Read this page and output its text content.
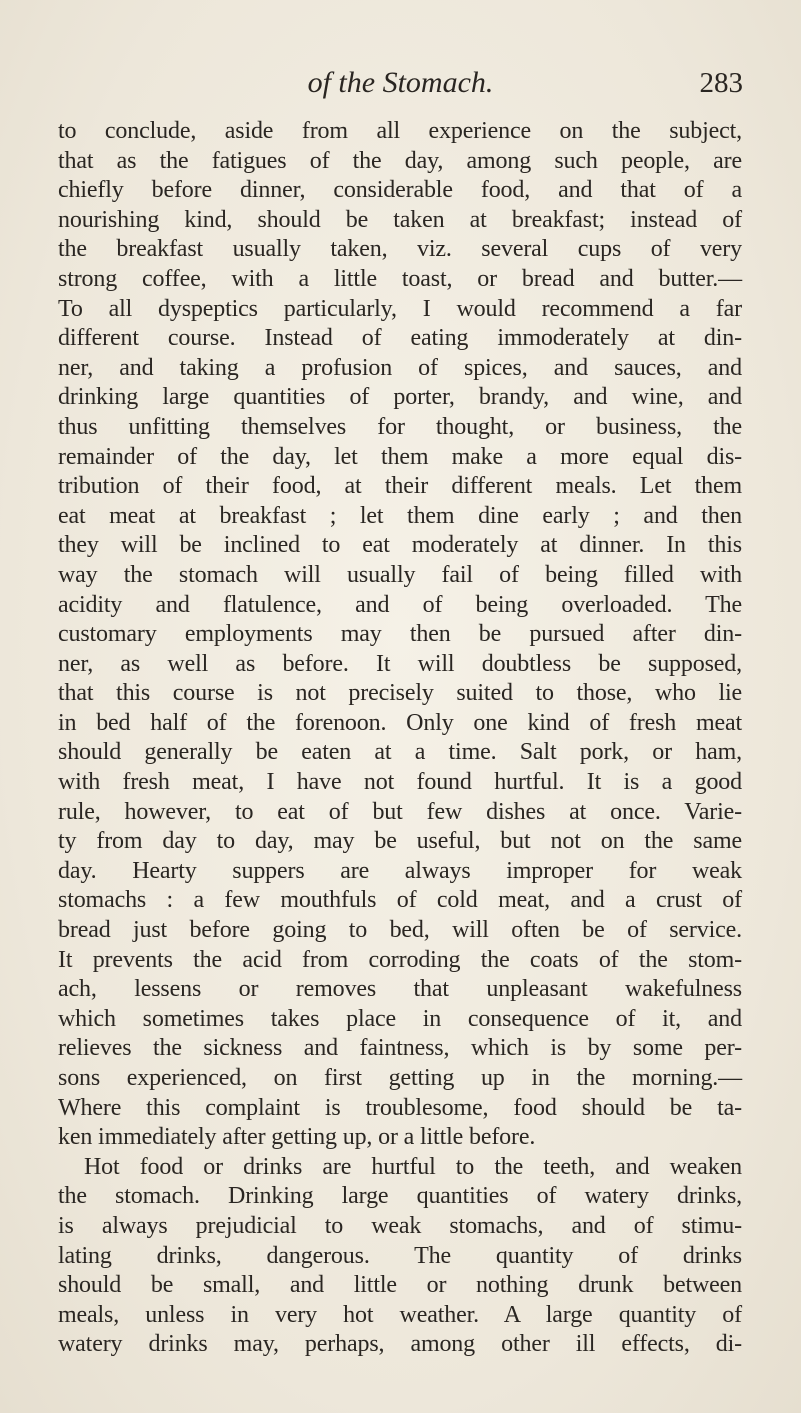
of the Stomach.	283
to conclude, aside from all experience on the subject,
that as the fatigues of the day, among such people, are
chiefly before dinner, considerable food, and that of a
nourishing kind, should be taken at breakfast; instead of
the breakfast usually taken, viz. several cups of very
strong coffee, with a little toast, or bread and butter.—
To all dyspeptics particularly, I would recommend a far
different course. Instead of eating immoderately at din-
ner, and taking a profusion of spices, and sauces, and
drinking large quantities of porter, brandy, and wine, and
thus unfitting themselves for thought, or business, the
remainder of the day, let them make a more equal dis-
tribution of their food, at their different meals. Let them
eat meat at breakfast ; let them dine early ; and then
they will be inclined to eat moderately at dinner. In this
way the stomach will usually fail of being filled with
acidity and flatulence, and of being overloaded. The
customary employments may then be pursued after din-
ner, as well as before. It will doubtless be supposed,
that this course is not precisely suited to those, who lie
in bed half of the forenoon. Only one kind of fresh meat
should generally be eaten at a time. Salt pork, or ham,
with fresh meat, I have not found hurtful. It is a good
rule, however, to eat of but few dishes at once. Varie-
ty from day to day, may be useful, but not on the same
day. Hearty suppers are always improper for weak
stomachs : a few mouthfuls of cold meat, and a crust of
bread just before going to bed, will often be of service.
It prevents the acid from corroding the coats of the stom-
ach, lessens or removes that unpleasant wakefulness
which sometimes takes place in consequence of it, and
relieves the sickness and faintness, which is by some per-
sons experienced, on first getting up in the morning.—
Where this complaint is troublesome, food should be ta-
ken immediately after getting up, or a little before.
Hot food or drinks are hurtful to the teeth, and weaken
the stomach. Drinking large quantities of watery drinks,
is always prejudicial to weak stomachs, and of stimu-
lating drinks, dangerous. The quantity of drinks
should be small, and little or nothing drunk between
meals, unless in very hot weather. A large quantity of
watery drinks may, perhaps, among other ill effects, di-
